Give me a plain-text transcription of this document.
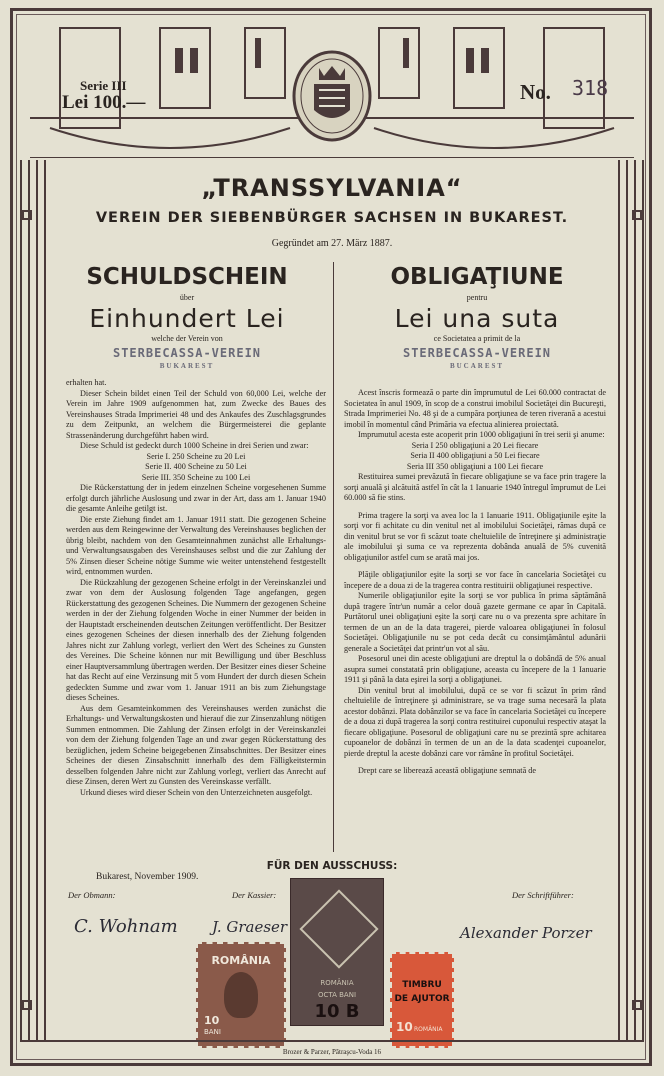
Serie III
Lei 100.—	No. 318
„TRANSSYLVANIA“
VEREIN DER SIEBENBÜRGER SACHSEN IN BUKAREST.
Gegründet am 27. März 1887.
SCHULDSCHEIN
über
Einhundert Lei
welche der Verein von
STERBECASSA-VEREIN
BUKAREST
OBLIGAŢIUNE
pentru
Lei una suta
ce Societatea a primit de la
STERBECASSA-VEREIN
BUCAREST

erhalten hat.

Dieser Schein bildet einen Teil der Schuld von 60,000 Lei, welche der Verein im Jahre 1909 aufgenommen hat, zum Zwecke des Baues des Vereinshauses Strada Imprimeriei 48 und des Ankaufes des Zuschlagsgrundes zu dem Zeitpunkt, an welchem die Bürgermeisterei die geplante Strassenänderung durchgeführt haben wird.

Diese Schuld ist gedeckt durch 1000 Scheine in drei Serien und zwar:

Serie I. 250 Scheine zu 20 Lei

Serie II. 400 Scheine zu 50 Lei

Serie III. 350 Scheine zu 100 Lei

Die Rückerstattung der in jedem einzelnen Scheine vorgesehenen Summe erfolgt durch jährliche Auslosung und zwar in der Art, dass am 1. Januar 1940 die gesamte Anleihe getilgt ist.

Die erste Ziehung findet am 1. Januar 1911 statt. Die gezogenen Scheine werden aus dem Reingewinne der Verwaltung des Vereinshauses beglichen der übrig bleibt, nachdem von den Gesamteinnahmen zunächst alle Erhaltungs- und Verwaltungsausgaben des Vereinshauses selbst und die zur Zahlung der 5% Zinsen dieser Scheine nötige Summe wie weiter untenstehend festgestellt wird, entnommen wurden.

Die Rückzahlung der gezogenen Scheine erfolgt in der Vereinskanzlei und zwar von dem der Auslosung folgenden Tage angefangen, gegen Rückerstattung des gezogenen Scheines. Die Nummern der gezogenen Scheine werden in der der Ziehung folgenden Woche in einer Nummer der beiden in der Hauptstadt erscheinenden deutschen Zeitungen veröffentlicht. Der Besitzer eines gezogenen Scheines der diesen innerhalb des der Ziehung folgenden Jahres nicht zur Zahlung vorlegt, verliert den Wert des Scheines zu Gunsten des Vereines. Die Scheine können nur mit Bewilligung und über Beschluss einer Hauptversammlung übertragen werden. Der Besitzer eines dieser Scheine hat das Recht auf eine Verzinsung mit 5 vom Hundert der durch diesen Schein gedeckten Summe und zwar vom 1. Januar 1911 an bis zum Ziehungstage dieses Scheines.

Aus dem Gesamteinkommen des Vereinshauses werden zunächst die Erhaltungs- und Verwaltungskosten und hierauf die zur Zinsenzahlung nötigen Summen entnommen. Die Zahlung der Zinsen erfolgt in der Vereinskanzlei von dem der Ziehung folgenden Tage an und zwar gegen Rückerstattung des bezüglichen, jedem Scheine beigegebenen Zinsabschnittes. Der Besitzer eines Scheines der diesen Zinsabschnitt innerhalb des dem Fälligkeitstermin desselben folgenden Jahre nicht zur Zahlung vorlegt, verliert das Anrecht auf diese Zinsen, deren Wert zu Gunsten des Vereinskasse verfällt.

Urkund dieses wird dieser Schein von den Unterzeichneten ausgefolgt.

Acest înscris formează o parte din împrumutul de Lei 60.000 contractat de Societatea în anul 1909, în scop de a construi imobilul Societăţei din Bucureşti, Strada Imprimeriei No. 48 şi de a cumpăra porţiunea de teren riverană a acestui imobil în momentul când Primăria va efectua alinierea proiectată.

Imprumutul acesta este acoperit prin 1000 obligaţiuni în trei serii şi anume:

Seria I 250 obligaţiuni a 20 Lei fiecare

Seria II 400 obligaţiuni a 50 Lei fiecare

Seria III 350 obligaţiuni a 100 Lei fiecare

Restituirea sumei prevăzută în fiecare obligaţiune se va face prin tragere la sorţi anuală şi alcătuită astfel în cât la 1 Ianuarie 1940 întregul împrumut de Lei 60.000 să fie stins.

Prima tragere la sorţi va avea loc la 1 Ianuarie 1911. Obligaţiunile eşite la sorţi vor fi achitate cu din venitul net al imobilului Societăţei, rămas după ce din venitul brut se vor fi scăzut toate cheltuielile de întreţinere şi administraţie ale imobilului şi suma ce va reprezenta dobânda anuală de 5% cuvenită obligaţiunilor astfel cum se arată mai jos.

Plăţile obligaţiunilor eşite la sorţi se vor face în cancelaria Societăţei cu începere de a doua zi de la tragerea contra restituirii obligaţiunei respective.

Numerile obligaţiunilor eşite la sorţi se vor publica în prima săptămână după tragere într'un număr a celor două gazete germane ce apar în Capitală. Purtătorul unei obligaţiuni eşite la sorţi care nu o va prezenta spre achitare în termen de un an de la data tragerei, pierde valoarea obligaţiunei în folosul Societăţei. Obligaţiunile nu se pot ceda decât cu consimţământul adunării generale a Societăţei dat printr'un vot al său.

Posesorul unei din aceste obligaţiuni are dreptul la o dobândă de 5% anual asupra sumei constatată prin obligaţiune, aceasta cu începere de la 1 Ianuarie 1911 şi până la data eşirei la sorţi a obligaţiunei.

Din venitul brut al imobilului, după ce se vor fi scăzut în prim rând cheltuielile de întreţinere şi administrare, se va trage suma necesară la plata acestor dobânzi. Plata dobânzilor se va face în cancelaria Societăţei cu începere de a doua zi după tragerea la sorţi contra restituirei cuponului respectiv ataşat la fiecare obligaţiune. Posesorul de obligaţiuni care nu se prezintă spre achitarea cupoanelor de dobânzi în termen de un an de la data scadenţei cupoanelor, pierde dreptul la aceste dobânzi care vor rămâne în profitul Societăţei.

Drept care se liberează această obligaţiune semnată de

FÜR DEN AUSSCHUSS:
Bukarest, November 1909.
Der Obmann:	Der Kassier:	Der Schriftführer:
C. Wohnam J. Graeser	Alexander Porzer
ROMÂNIA
OCTA BANI
10 B
ROMÂNIA
10
BANI
TIMBRU
DE AJUTOR
10 ROMÂNIA
Brozer & Parzer, Pătraşcu-Voda 16
